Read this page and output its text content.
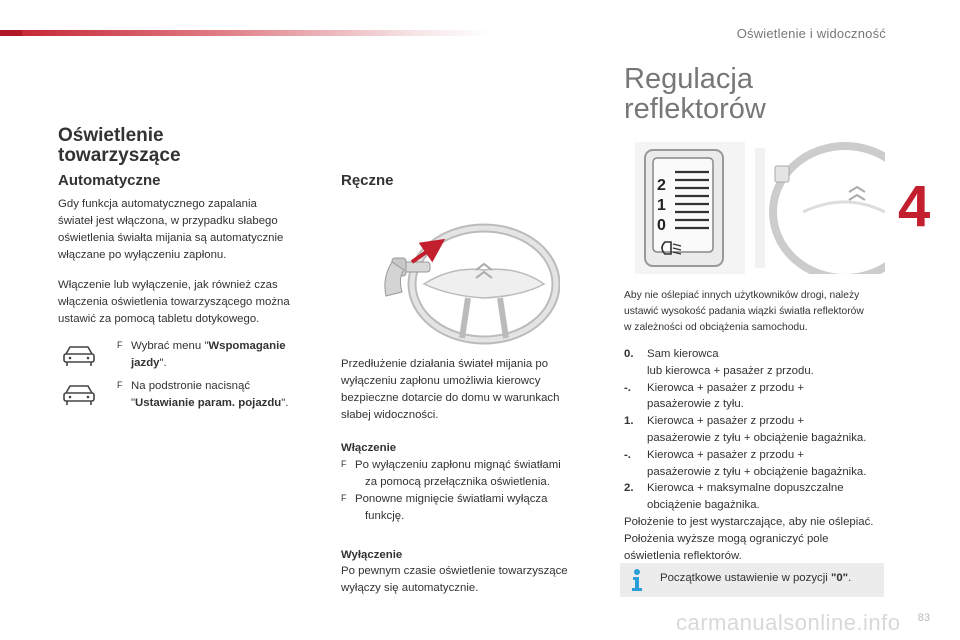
Oświetlenie i widoczność
4
Oświetlenie
towarzyszące
Automatyczne
Gdy funkcja automatycznego zapalania
świateł jest włączona, w przypadku słabego
oświetlenia świałta mijania są automatycznie
włączane po wyłączeniu zapłonu.
Włączenie lub wyłączenie, jak również czas
włączenia oświetlenia towarzyszącego można
ustawić za pomocą tabletu dotykowego.
F Wybrać menu "Wspomaganie
jazdy".
F Na podstronie nacisnąć
"Ustawianie param. pojazdu".
Ręczne
Przedłużenie działania świateł mijania po
wyłączeniu zapłonu umożliwia kierowcy
bezpieczne dotarcie do domu w warunkach
słabej widoczności.
Włączenie
F Po wyłączeniu zapłonu mignąć światłami
za pomocą przełącznika oświetlenia.
F Ponowne mignięcie światłami wyłącza
funkcję.
Wyłączenie
Po pewnym czasie oświetlenie towarzyszące
wyłączy się automatycznie.
Regulacja
reflektorów
2
1
0
Aby nie oślepiać innych użytkowników drogi, należy
ustawić wysokość padania wiązki światła reflektorów
w zależności od obciążenia samochodu.
0.	Sam kierowca
lub kierowca + pasażer z przodu.
-.	Kierowca + pasażer z przodu +
pasażerowie z tyłu.
1.	Kierowca + pasażer z przodu +
pasażerowie z tyłu + obciążenie bagażnika.
-.	Kierowca + pasażer z przodu +
pasażerowie z tyłu + obciążenie bagażnika.
2.	Kierowca + maksymalne dopuszczalne
obciążenie bagażnika.
Położenie to jest wystarczające, aby nie oślepiać.
Położenia wyższe mogą ograniczyć pole
oświetlenia reflektorów.
Początkowe ustawienie w pozycji "0".
carmanualsonline.info 83
